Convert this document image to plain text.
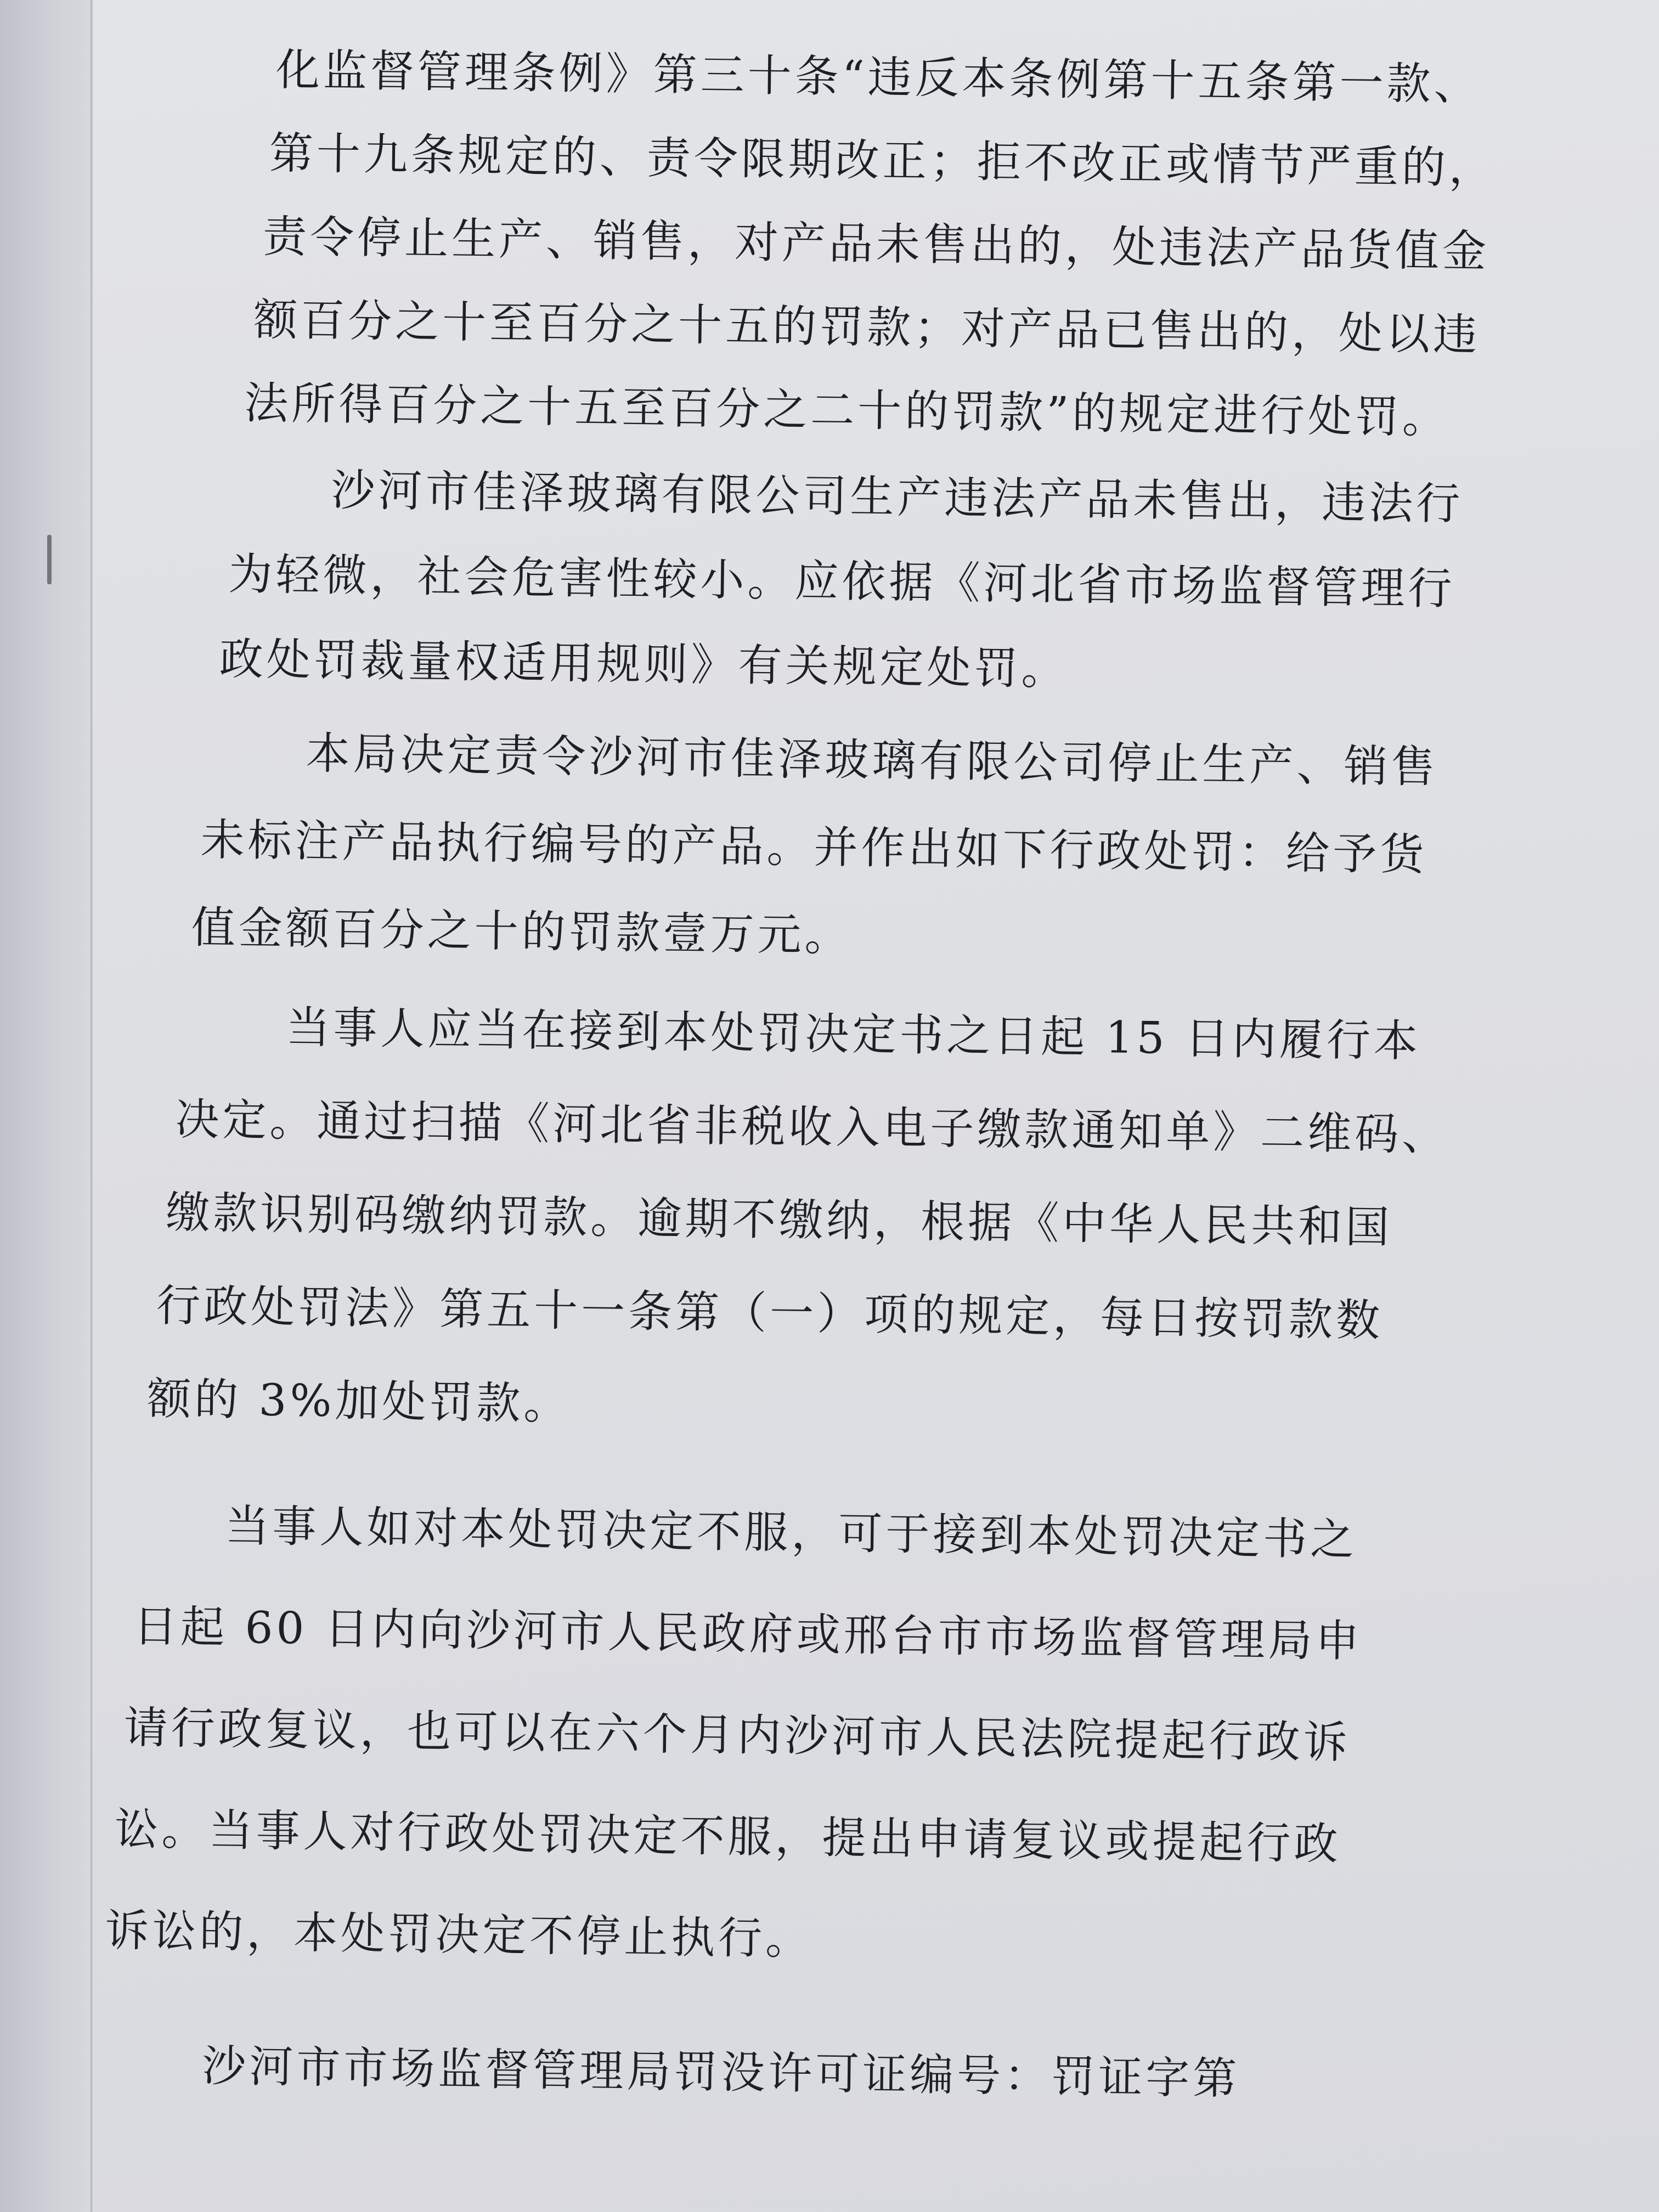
化监督管理条例》第三十条“违反本条例第十五条第一款、
第十九条规定的、责令限期改正；拒不改正或情节严重的，
责令停止生产、销售，对产品未售出的，处违法产品货值金
额百分之十至百分之十五的罚款；对产品已售出的，处以违
法所得百分之十五至百分之二十的罚款”的规定进行处罚。
沙河市佳泽玻璃有限公司生产违法产品未售出，违法行
为轻微，社会危害性较小。应依据《河北省市场监督管理行
政处罚裁量权适用规则》有关规定处罚。
本局决定责令沙河市佳泽玻璃有限公司停止生产、销售
未标注产品执行编号的产品。并作出如下行政处罚：给予货
值金额百分之十的罚款壹万元。
当事人应当在接到本处罚决定书之日起 15 日内履行本
决定。通过扫描《河北省非税收入电子缴款通知单》二维码、
缴款识别码缴纳罚款。逾期不缴纳，根据《中华人民共和国
行政处罚法》第五十一条第（一）项的规定，每日按罚款数
额的 3%加处罚款。
当事人如对本处罚决定不服，可于接到本处罚决定书之
日起 60 日内向沙河市人民政府或邢台市市场监督管理局申
请行政复议，也可以在六个月内沙河市人民法院提起行政诉
讼。当事人对行政处罚决定不服，提出申请复议或提起行政
诉讼的，本处罚决定不停止执行。
沙河市市场监督管理局罚没许可证编号：罚证字第
